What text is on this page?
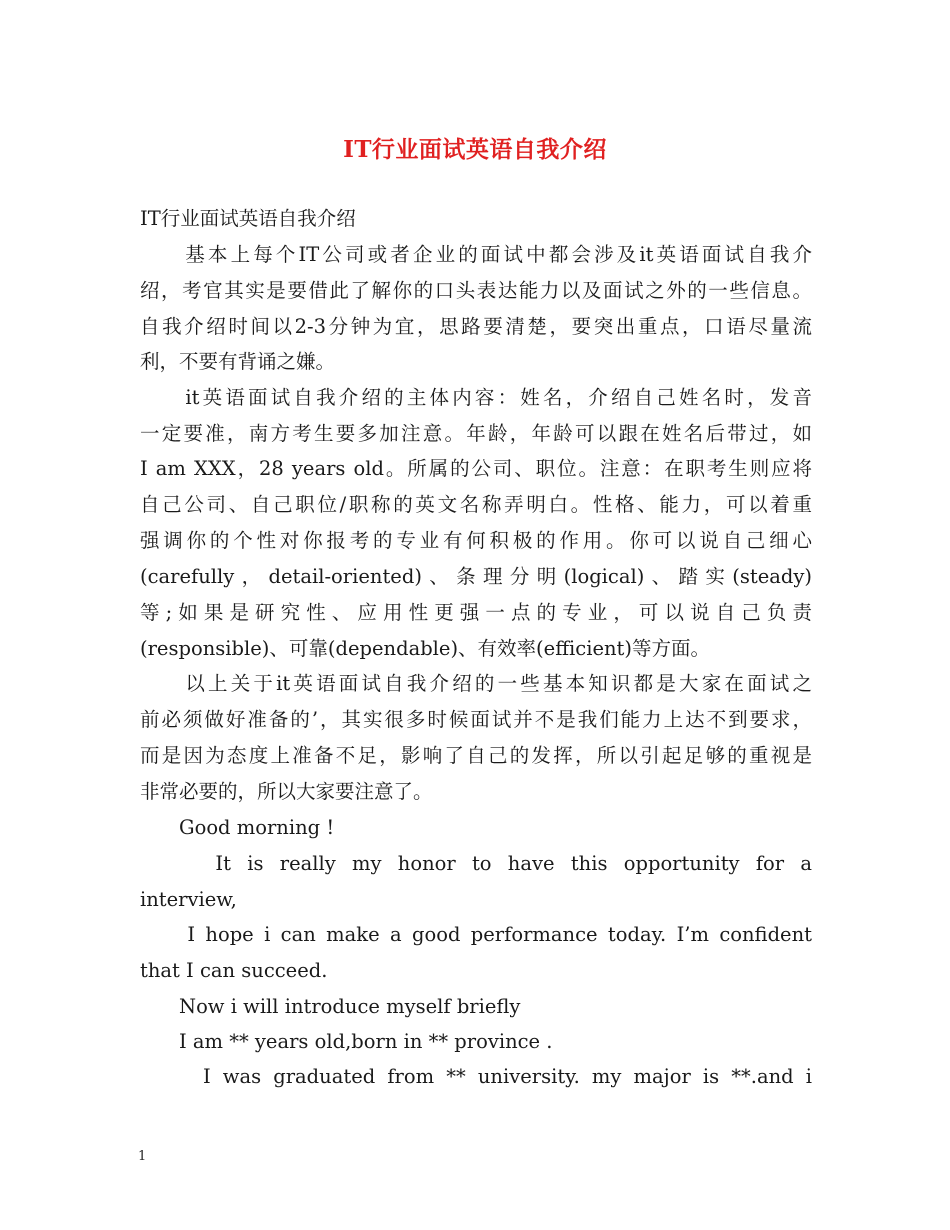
IT行业面试英语自我介绍
IT行业面试英语自我介绍
　　基本上每个IT公司或者企业的面试中都会涉及it英语面试自我介
绍，考官其实是要借此了解你的口头表达能力以及面试之外的一些信息。
自我介绍时间以2-3分钟为宜，思路要清楚，要突出重点，口语尽量流
利，不要有背诵之嫌。
　　it英语面试自我介绍的主体内容：姓名，介绍自己姓名时，发音
一定要准，南方考生要多加注意。年龄，年龄可以跟在姓名后带过，如
I am XXX，28 years old。所属的公司、职位。注意：在职考生则应将
自己公司、自己职位/职称的英文名称弄明白。性格、能力，可以着重
强调你的个性对你报考的专业有何积极的作用。你可以说自己细心
(carefully，detail-oriented)、条理分明(logical)、踏实(steady)
等;如果是研究性、应用性更强一点的专业，可以说自己负责
(responsible)、可靠(dependable)、有效率(efficient)等方面。
　　以上关于it英语面试自我介绍的一些基本知识都是大家在面试之
前必须做好准备的’，其实很多时候面试并不是我们能力上达不到要求，
而是因为态度上准备不足，影响了自己的发挥，所以引起足够的重视是
非常必要的，所以大家要注意了。
　　Good morning !
　　 It is really my honor to have this opportunity for a
interview,
　　I hope i can make a good performance today. I’m confident
that I can succeed.
　　Now i will introduce myself briefly
　　I am ** years old,born in ** province .
　　 I was graduated from ** university. my major is **.and i
1
